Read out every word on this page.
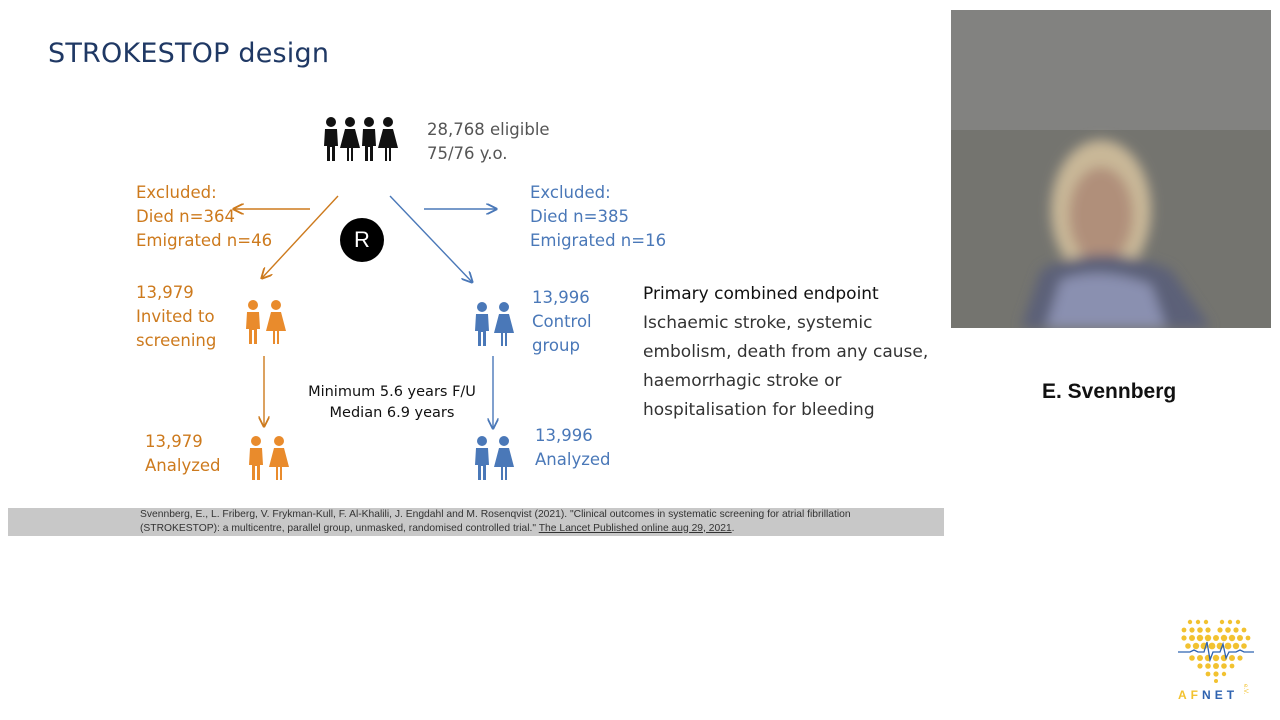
STROKESTOP design
R
28,768 eligible
75/76 y.o.
Excluded:
Died n=364
Emigrated n=46
Excluded:
Died n=385
Emigrated n=16
13,979
Invited to
screening
13,996
Control
group
Minimum 5.6 years F/U
Median 6.9 years
13,979
Analyzed
13,996
Analyzed
Primary combined endpoint
Ischaemic stroke, systemic
embolism, death from any cause,
haemorrhagic stroke or
hospitalisation for bleeding
Svennberg, E., L. Friberg, V. Frykman-Kull, F. Al-Khalili, J. Engdahl and M. Rosenqvist (2021). "Clinical outcomes in systematic screening for atrial fibrillation
(STROKESTOP): a multicentre, parallel group, unmasked, randomised controlled trial." The Lancet Published online aug 29, 2021.
E. Svennberg
AFNET e.V.
